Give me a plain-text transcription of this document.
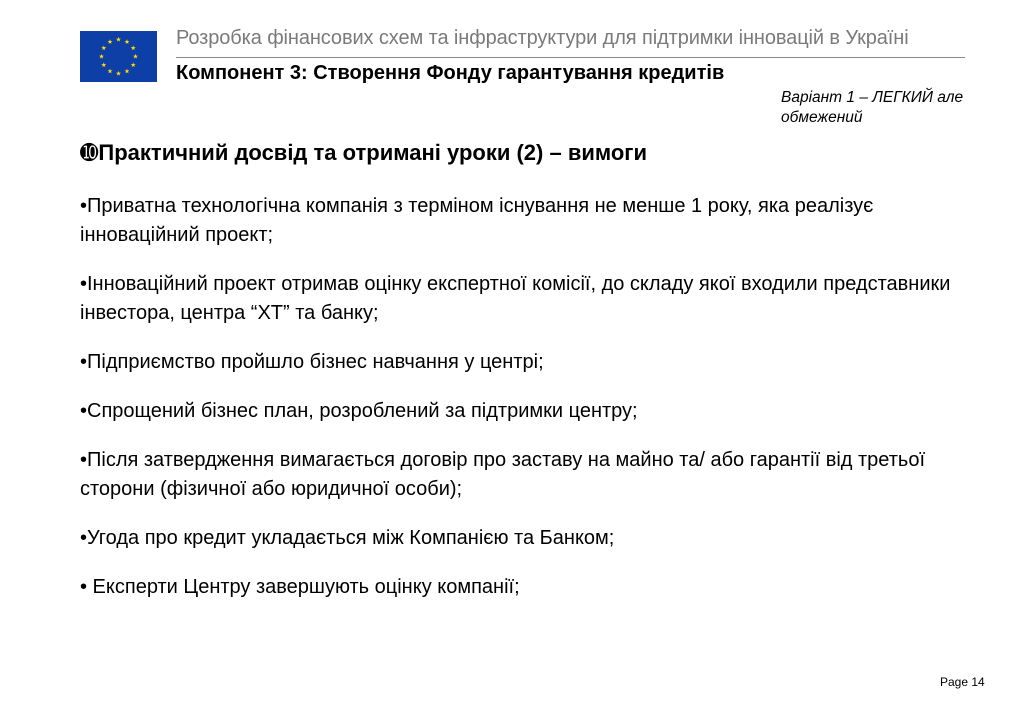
Розробка фінансових схем та інфраструктури для підтримки інновацій в Україні
Компонент 3: Створення Фонду гарантування кредитів
Варіант 1 – ЛЕГКИЙ але обмежений
➓Практичний досвід та отримані уроки (2) – вимоги
•Приватна технологічна компанія з терміном існування не менше 1 року, яка реалізує інноваційний проект;
•Інноваційний проект отримав оцінку експертної комісії, до складу якої входили представники інвестора, центра “ХТ” та банку;
•Підприємство пройшло бізнес навчання у центрі;
•Спрощений бізнес план, розроблений за підтримки центру;
•Після затвердження вимагається договір про заставу на майно та/ або гарантії від третьої сторони (фізичної або юридичної особи);
•Угода про кредит укладається між Компанією та Банком;
• Експерти Центру завершують оцінку компанії;
Page 14
